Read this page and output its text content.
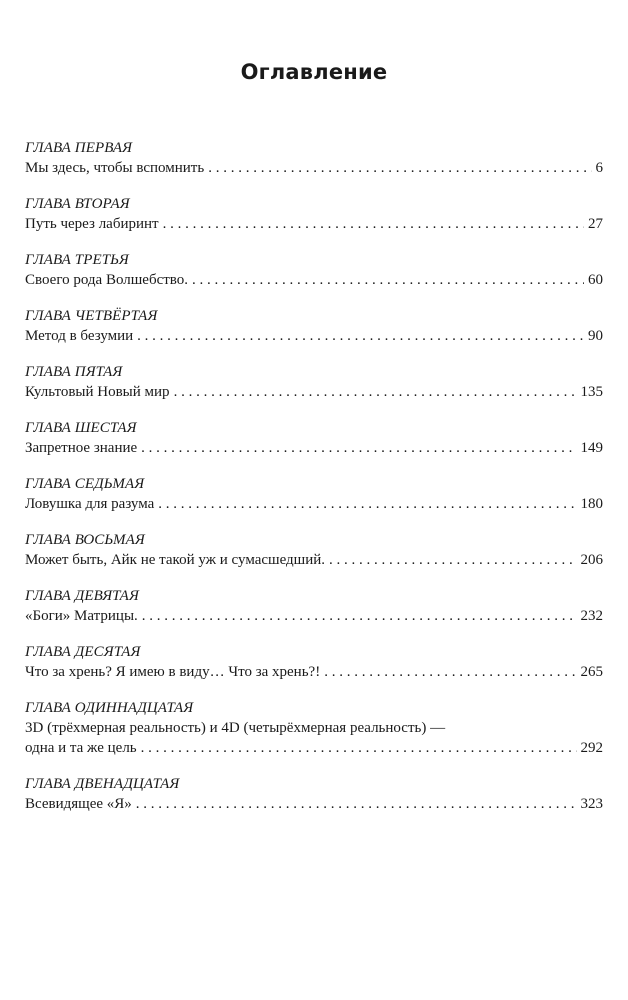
Оглавление
ГЛАВА ПЕРВАЯ
Мы здесь, чтобы вспомнить . . .	6
ГЛАВА ВТОРАЯ
Путь через лабиринт . . .	27
ГЛАВА ТРЕТЬЯ
Своего рода Волшебство. . . .	60
ГЛАВА ЧЕТВЁРТАЯ
Метод в безумии . . .	90
ГЛАВА ПЯТАЯ
Культовый Новый мир . . .	135
ГЛАВА ШЕСТАЯ
Запретное знание . . .	149
ГЛАВА СЕДЬМАЯ
Ловушка для разума . . .	180
ГЛАВА ВОСЬМАЯ
Может быть, Айк не такой уж и сумасшедший. . . .	206
ГЛАВА ДЕВЯТАЯ
«Боги» Матрицы. . . .	232
ГЛАВА ДЕСЯТАЯ
Что за хрень? Я имею в виду… Что за хрень?! . . .	265
ГЛАВА ОДИННАДЦАТАЯ
3D (трёхмерная реальность) и 4D (четырёхмерная реальность) —
одна и та же цель . . .	292
ГЛАВА ДВЕНАДЦАТАЯ
Всевидящее «Я» . . .	323
